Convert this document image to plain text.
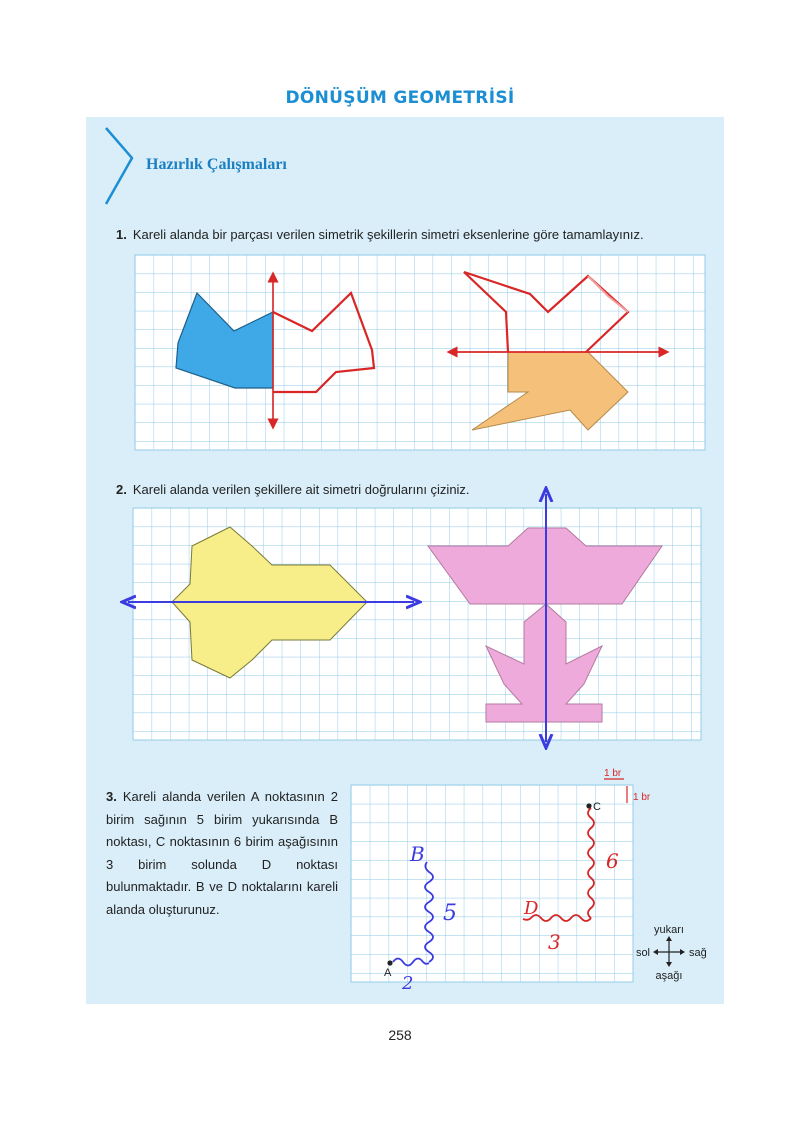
DÖNÜŞÜM GEOMETRİSİ
Hazırlık Çalışmaları
1. Kareli alanda bir parçası verilen simetrik şekillerin simetri eksenlerine göre tamamlayınız.
2. Kareli alanda verilen şekillere ait simetri doğrularını çiziniz.
3. Kareli alanda verilen A noktasının 2 birim sağının 5 birim yukarısında B noktası, C noktasının 6 birim aşağısının 3 birim solunda D noktası bulunmaktadır. B ve D noktalarını kareli alanda oluşturunuz.
1 br
1 br
A
C
B
5
2
6
D
3	yukarı
aşağı
sol	sağ
258
